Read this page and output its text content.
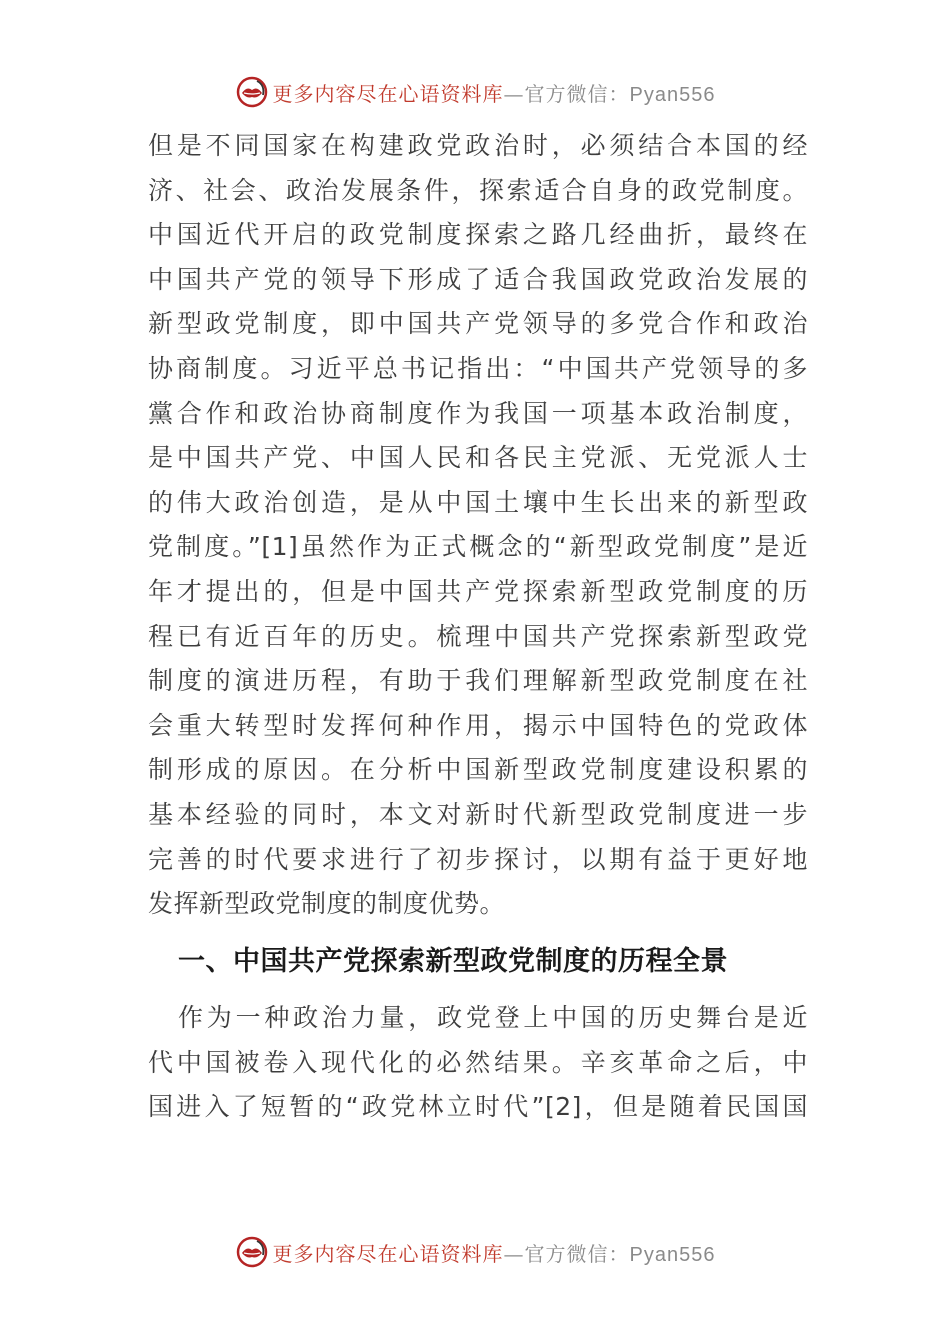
更多内容尽在心语资料库—官方微信：Pyan556
但是不同国家在构建政党政治时，必须结合本国的经
济、社会、政治发展条件，探索适合自身的政党制度。
中国近代开启的政党制度探索之路几经曲折，最终在
中国共产党的领导下形成了适合我国政党政治发展的
新型政党制度，即中国共产党领导的多党合作和政治
协商制度。习近平总书记指出：“中国共产党领导的多
黨合作和政治协商制度作为我国一项基本政治制度，
是中国共产党、中国人民和各民主党派、无党派人士
的伟大政治创造，是从中国土壤中生长出来的新型政
党制度。”[1]虽然作为正式概念的“新型政党制度”是近
年才提出的，但是中国共产党探索新型政党制度的历
程已有近百年的历史。梳理中国共产党探索新型政党
制度的演进历程，有助于我们理解新型政党制度在社
会重大转型时发挥何种作用，揭示中国特色的党政体
制形成的原因。在分析中国新型政党制度建设积累的
基本经验的同时，本文对新时代新型政党制度进一步
完善的时代要求进行了初步探讨，以期有益于更好地
发挥新型政党制度的制度优势。
一、中国共产党探索新型政党制度的历程全景
作为一种政治力量，政党登上中国的历史舞台是近
代中国被卷入现代化的必然结果。辛亥革命之后，中
国进入了短暂的“政党林立时代”[2]，但是随着民国国
更多内容尽在心语资料库—官方微信：Pyan556
